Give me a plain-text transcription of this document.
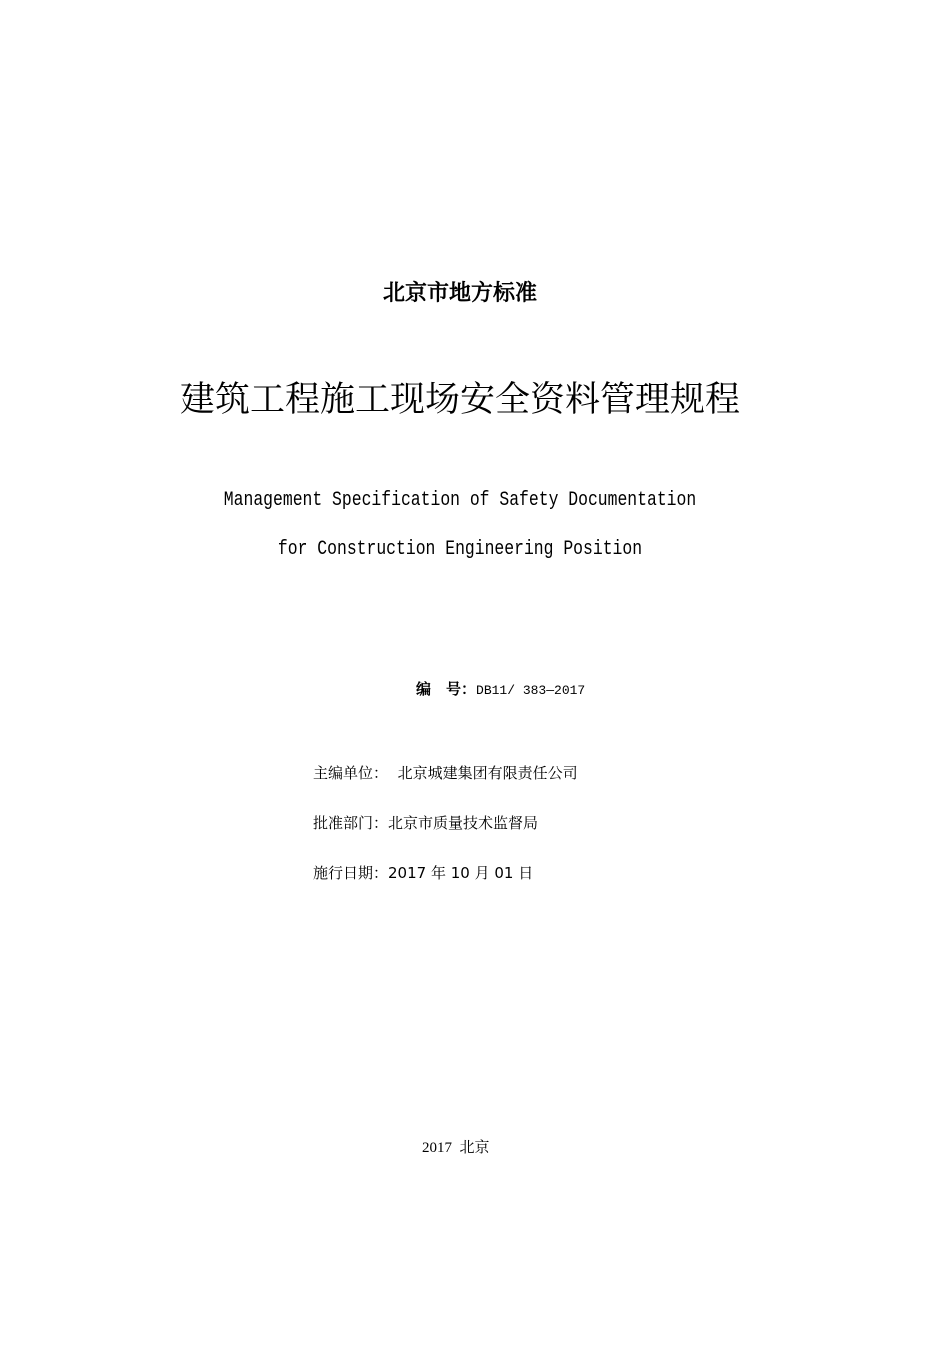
北京市地方标准
建筑工程施工现场安全资料管理规程
Management Specification of Safety Documentation
for Construction Engineering Position
编　号：DB11/ 383—2017
主编单位： 北京城建集团有限责任公司
批准部门：北京市质量技术监督局
施行日期：2017 年 10 月 01 日
2017 北京
